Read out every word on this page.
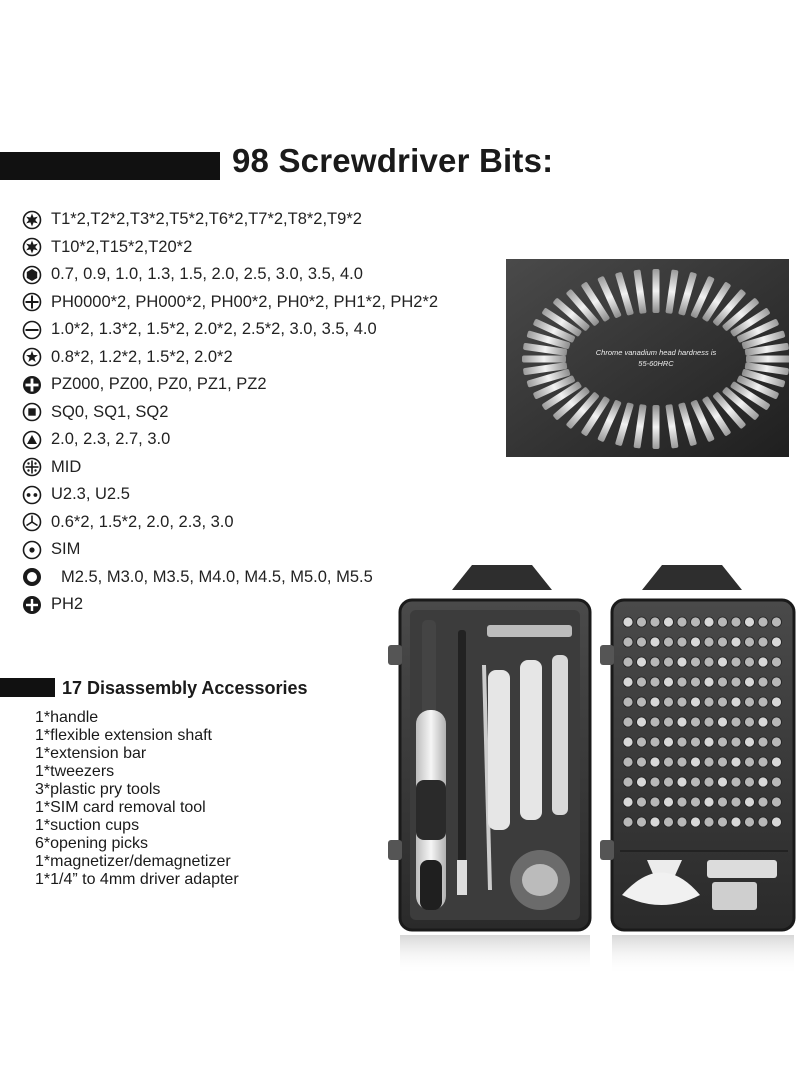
98 Screwdriver Bits:
T1*2,T2*2,T3*2,T5*2,T6*2,T7*2,T8*2,T9*2
T10*2,T15*2,T20*2
0.7, 0.9, 1.0, 1.3, 1.5, 2.0, 2.5, 3.0, 3.5, 4.0
PH0000*2, PH000*2, PH00*2, PH0*2, PH1*2, PH2*2
1.0*2, 1.3*2, 1.5*2, 2.0*2, 2.5*2, 3.0, 3.5, 4.0
0.8*2, 1.2*2, 1.5*2, 2.0*2
PZ000, PZ00, PZ0, PZ1, PZ2
SQ0, SQ1, SQ2
2.0, 2.3, 2.7, 3.0
MID
U2.3, U2.5
0.6*2, 1.5*2, 2.0, 2.3, 3.0
SIM
M2.5, M3.0, M3.5, M4.0, M4.5, M5.0, M5.5
PH2
17 Disassembly Accessories
1*handle
1*flexible extension shaft
1*extension bar
1*tweezers
3*plastic pry tools
1*SIM card removal tool
1*suction cups
6*opening picks
1*magnetizer/demagnetizer
1*1/4” to 4mm driver adapter
Chrome vanadium head hardness is
55-60HRC
